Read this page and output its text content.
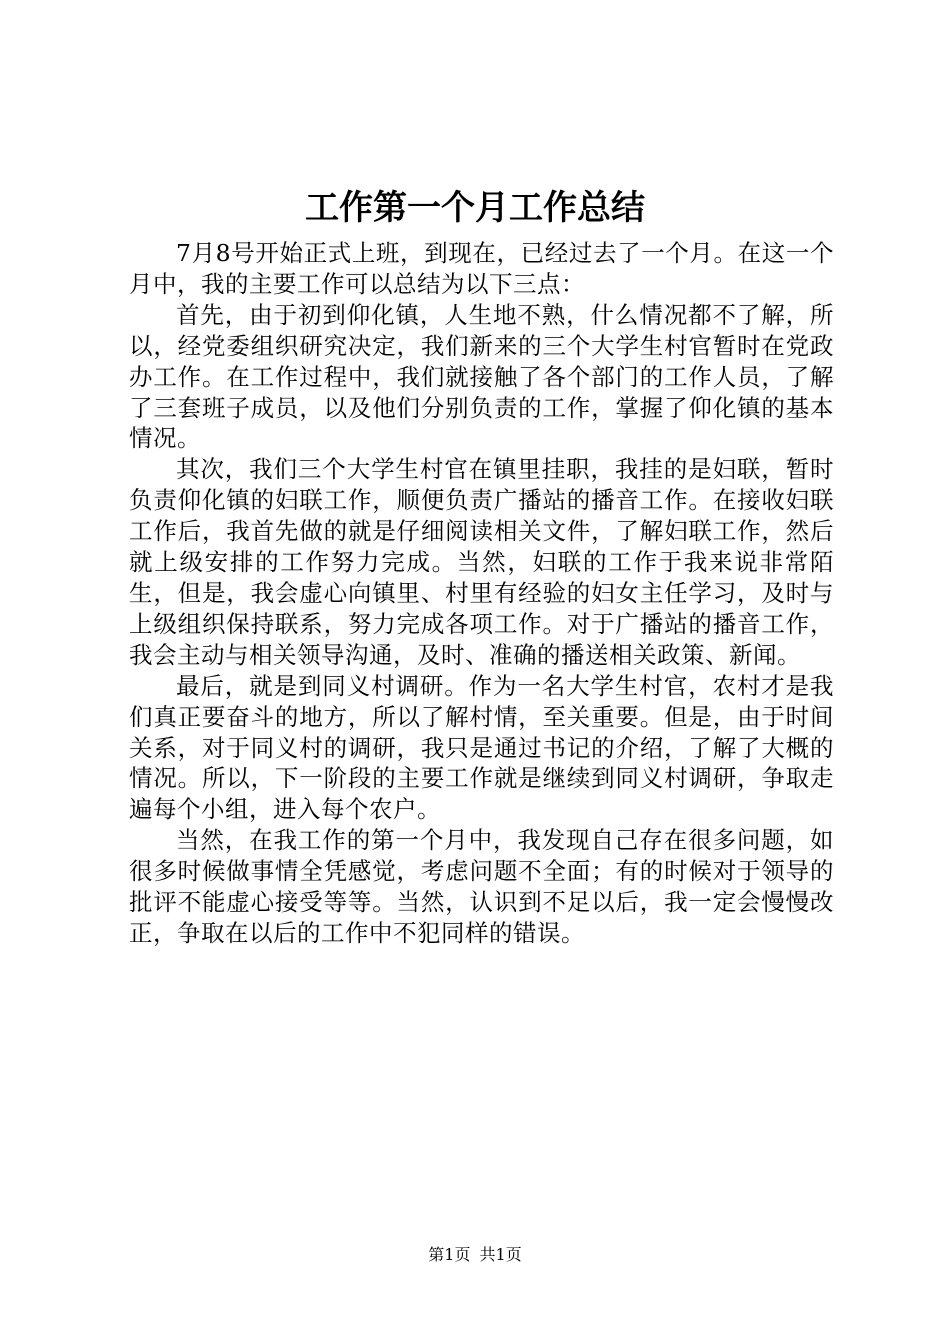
工作第一个月工作总结

7月8号开始正式上班，到现在，已经过去了一个月。在这一个月中，我的主要工作可以总结为以下三点：

首先，由于初到仰化镇，人生地不熟，什么情况都不了解，所以，经党委组织研究决定，我们新来的三个大学生村官暂时在党政办工作。在工作过程中，我们就接触了各个部门的工作人员，了解了三套班子成员，以及他们分别负责的工作，掌握了仰化镇的基本情况。

其次，我们三个大学生村官在镇里挂职，我挂的是妇联，暂时负责仰化镇的妇联工作，顺便负责广播站的播音工作。在接收妇联工作后，我首先做的就是仔细阅读相关文件，了解妇联工作，然后就上级安排的工作努力完成。当然，妇联的工作于我来说非常陌生，但是，我会虚心向镇里、村里有经验的妇女主任学习，及时与上级组织保持联系，努力完成各项工作。对于广播站的播音工作，我会主动与相关领导沟通，及时、准确的播送相关政策、新闻。

最后，就是到同义村调研。作为一名大学生村官，农村才是我们真正要奋斗的地方，所以了解村情，至关重要。但是，由于时间关系，对于同义村的调研，我只是通过书记的介绍，了解了大概的情况。所以，下一阶段的主要工作就是继续到同义村调研，争取走遍每个小组，进入每个农户。

当然，在我工作的第一个月中，我发现自己存在很多问题，如很多时候做事情全凭感觉，考虑问题不全面；有的时候对于领导的批评不能虚心接受等等。当然，认识到不足以后，我一定会慢慢改正，争取在以后的工作中不犯同样的错误。

第1页 共1页
